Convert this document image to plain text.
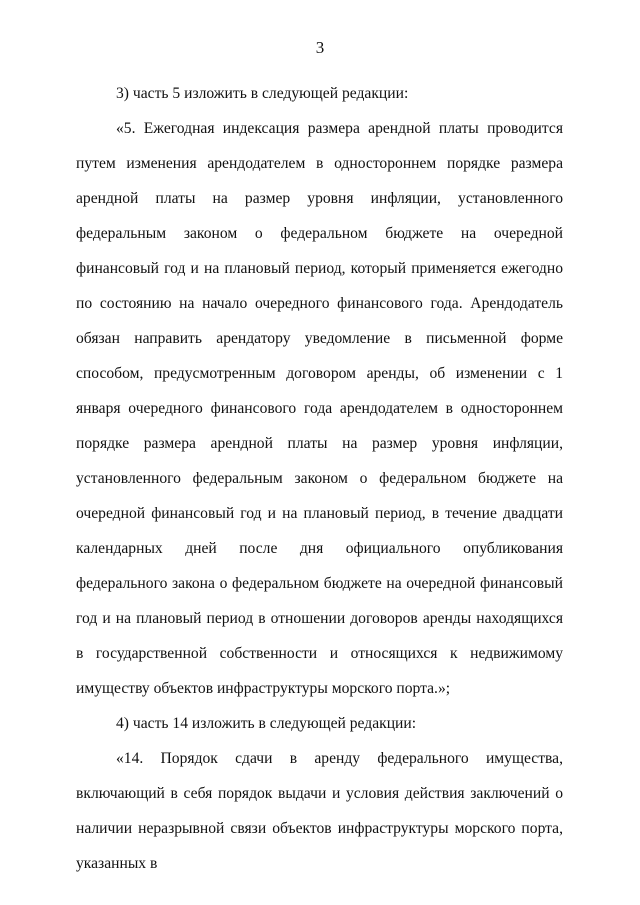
3

3) часть 5 изложить в следующей редакции:

«5. Ежегодная индексация размера арендной платы проводится путем изменения арендодателем в одностороннем порядке размера арендной платы на размер уровня инфляции, установленного федеральным законом о федеральном бюджете на очередной финансовый год и на плановый период, который применяется ежегодно по состоянию на начало очередного финансового года. Арендодатель обязан направить арендатору уведомление в письменной форме способом, предусмотренным договором аренды, об изменении с 1 января очередного финансового года арендодателем в одностороннем порядке размера арендной платы на размер уровня инфляции, установленного федеральным законом о федеральном бюджете на очередной финансовый год и на плановый период, в течение двадцати календарных дней после дня официального опубликования федерального закона о федеральном бюджете на очередной финансовый год и на плановый период в отношении договоров аренды находящихся в государственной собственности и относящихся к недвижимому имуществу объектов инфраструктуры морского порта.»;

4) часть 14 изложить в следующей редакции:

«14. Порядок сдачи в аренду федерального имущества, включающий в себя порядок выдачи и условия действия заключений о наличии неразрывной связи объектов инфраструктуры морского порта, указанных в
